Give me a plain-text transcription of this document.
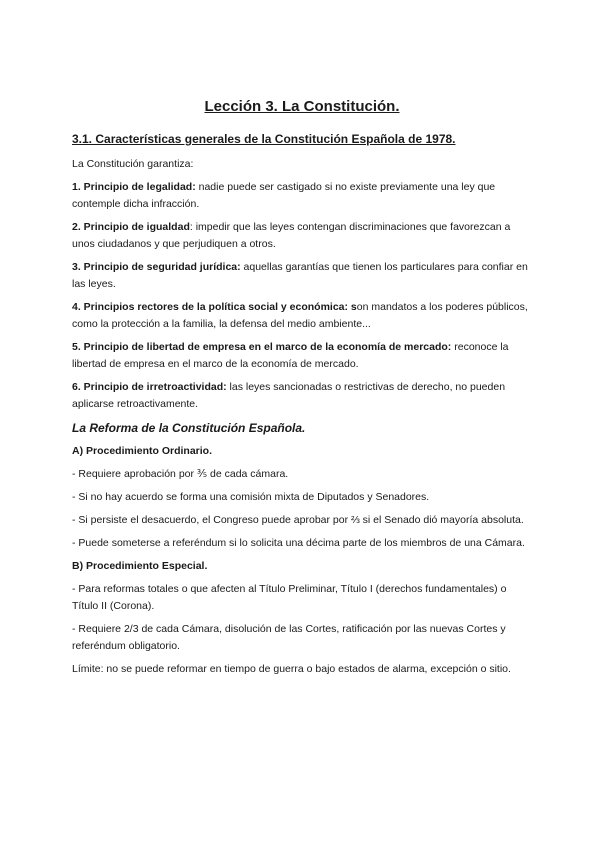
Lección 3. La Constitución.
3.1. Características generales de la Constitución Española de 1978.

La Constitución garantiza:

1. Principio de legalidad: nadie puede ser castigado si no existe previamente una ley que contemple dicha infracción.

2. Principio de igualdad: impedir que las leyes contengan discriminaciones que favorezcan a unos ciudadanos y que perjudiquen a otros.

3. Principio de seguridad jurídica: aquellas garantías que tienen los particulares para confiar en las leyes.

4. Principios rectores de la política social y económica: son mandatos a los poderes públicos, como la protección a la familia, la defensa del medio ambiente...

5. Principio de libertad de empresa en el marco de la economía de mercado: reconoce la libertad de empresa en el marco de la economía de mercado.

6. Principio de irretroactividad: las leyes sancionadas o restrictivas de derecho, no pueden aplicarse retroactivamente.

La Reforma de la Constitución Española.

A) Procedimiento Ordinario.

- Requiere aprobación por ⅗ de cada cámara.

- Si no hay acuerdo se forma una comisión mixta de Diputados y Senadores.

- Si persiste el desacuerdo, el Congreso puede aprobar por ⅔ si el Senado dió mayoría absoluta.

- Puede someterse a referéndum si lo solicita una décima parte de los miembros de una Cámara.

B) Procedimiento Especial.

- Para reformas totales o que afecten al Título Preliminar, Título I (derechos fundamentales) o Título II (Corona).

- Requiere 2/3 de cada Cámara, disolución de las Cortes, ratificación por las nuevas Cortes y referéndum obligatorio.

Límite: no se puede reformar en tiempo de guerra o bajo estados de alarma, excepción o sitio.
